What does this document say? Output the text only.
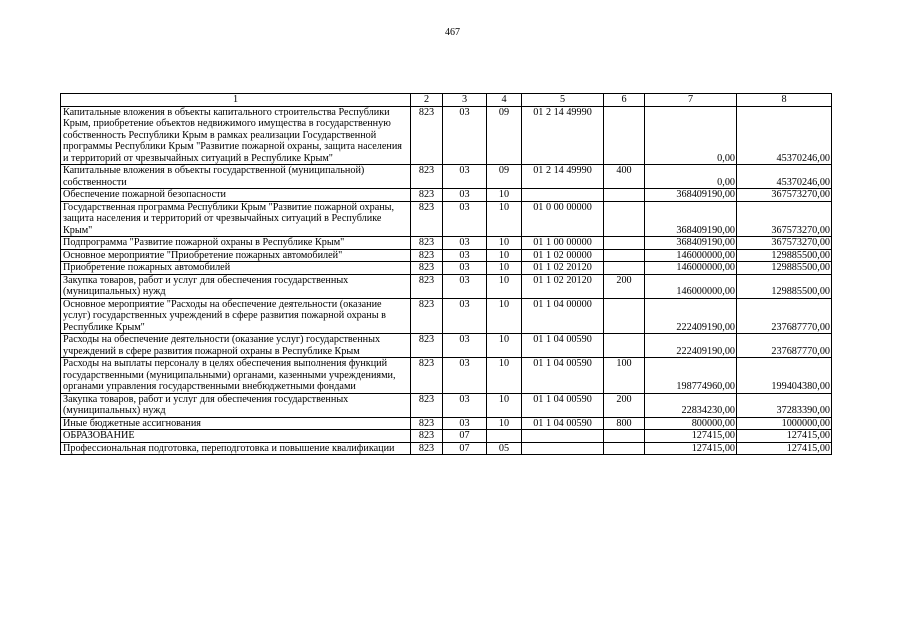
467
1	2	3	4	5	6	7	8
Капитальные вложения в объекты капитального строительства Республики Крым, приобретение объектов недвижимого имущества в государственную собственность Республики Крым в рамках реализации Государственной программы Республики Крым "Развитие пожарной охраны, защита населения и территорий от чрезвычайных ситуаций в Республике Крым"	823	03	09	01 2 14 49990		0,00	45370246,00
Капитальные вложения в объекты государственной (муниципальной) собственности	823	03	09	01 2 14 49990	400	0,00	45370246,00
Обеспечение пожарной безопасности	823	03	10			368409190,00	367573270,00
Государственная программа Республики Крым "Развитие пожарной охраны, защита населения и территорий от чрезвычайных ситуаций в Республике Крым"	823	03	10	01 0 00 00000		368409190,00	367573270,00
Подпрограмма "Развитие пожарной охраны в Республике Крым"	823	03	10	01 1 00 00000		368409190,00	367573270,00
Основное мероприятие "Приобретение пожарных автомобилей"	823	03	10	01 1 02 00000		146000000,00	129885500,00
Приобретение пожарных автомобилей	823	03	10	01 1 02 20120		146000000,00	129885500,00
Закупка товаров, работ и услуг для обеспечения государственных (муниципальных) нужд	823	03	10	01 1 02 20120	200	146000000,00	129885500,00
Основное мероприятие "Расходы на обеспечение деятельности (оказание услуг) государственных учреждений в сфере развития пожарной охраны в Республике Крым"	823	03	10	01 1 04 00000		222409190,00	237687770,00
Расходы на обеспечение деятельности (оказание услуг) государственных учреждений в сфере развития пожарной охраны в Республике Крым	823	03	10	01 1 04 00590		222409190,00	237687770,00
Расходы на выплаты персоналу в целях обеспечения выполнения функций государственными (муниципальными) органами, казенными учреждениями, органами управления государственными внебюджетными фондами	823	03	10	01 1 04 00590	100	198774960,00	199404380,00
Закупка товаров, работ и услуг для обеспечения государственных (муниципальных) нужд	823	03	10	01 1 04 00590	200	22834230,00	37283390,00
Иные бюджетные ассигнования	823	03	10	01 1 04 00590	800	800000,00	1000000,00
ОБРАЗОВАНИЕ	823	07				127415,00	127415,00
Профессиональная подготовка, переподготовка и повышение квалификации	823	07	05			127415,00	127415,00
